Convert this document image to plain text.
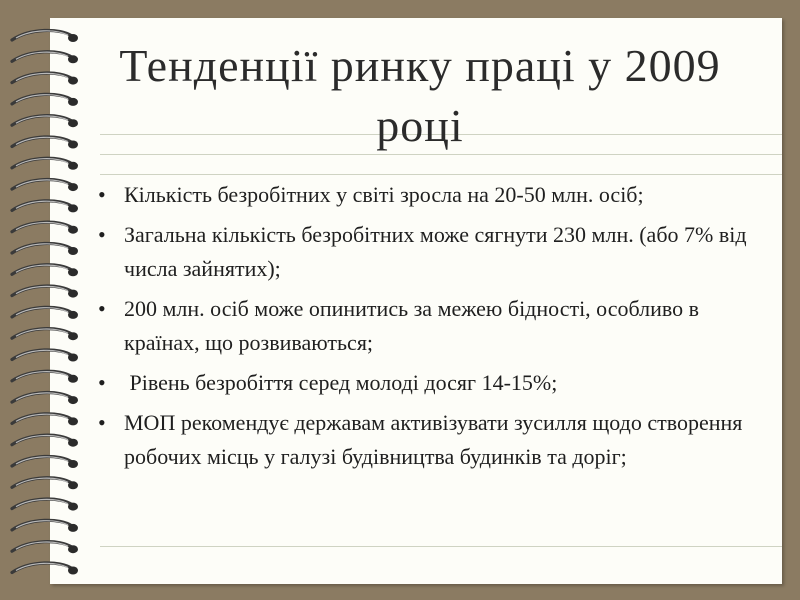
Тенденції ринку праці у 2009 році
• Кількість безробітних у світі зросла на 20-50 млн. осіб;
• Загальна кількість безробітних може сягнути 230 млн. (або 7% від числа зайнятих);
• 200 млн. осіб може опинитись за межею бідності, особливо в країнах, що розвиваються;
• Рівень безробіття серед молоді досяг 14-15%;
• МОП рекомендує державам активізувати зусилля щодо створення робочих місць у галузі будівництва будинків та доріг;
